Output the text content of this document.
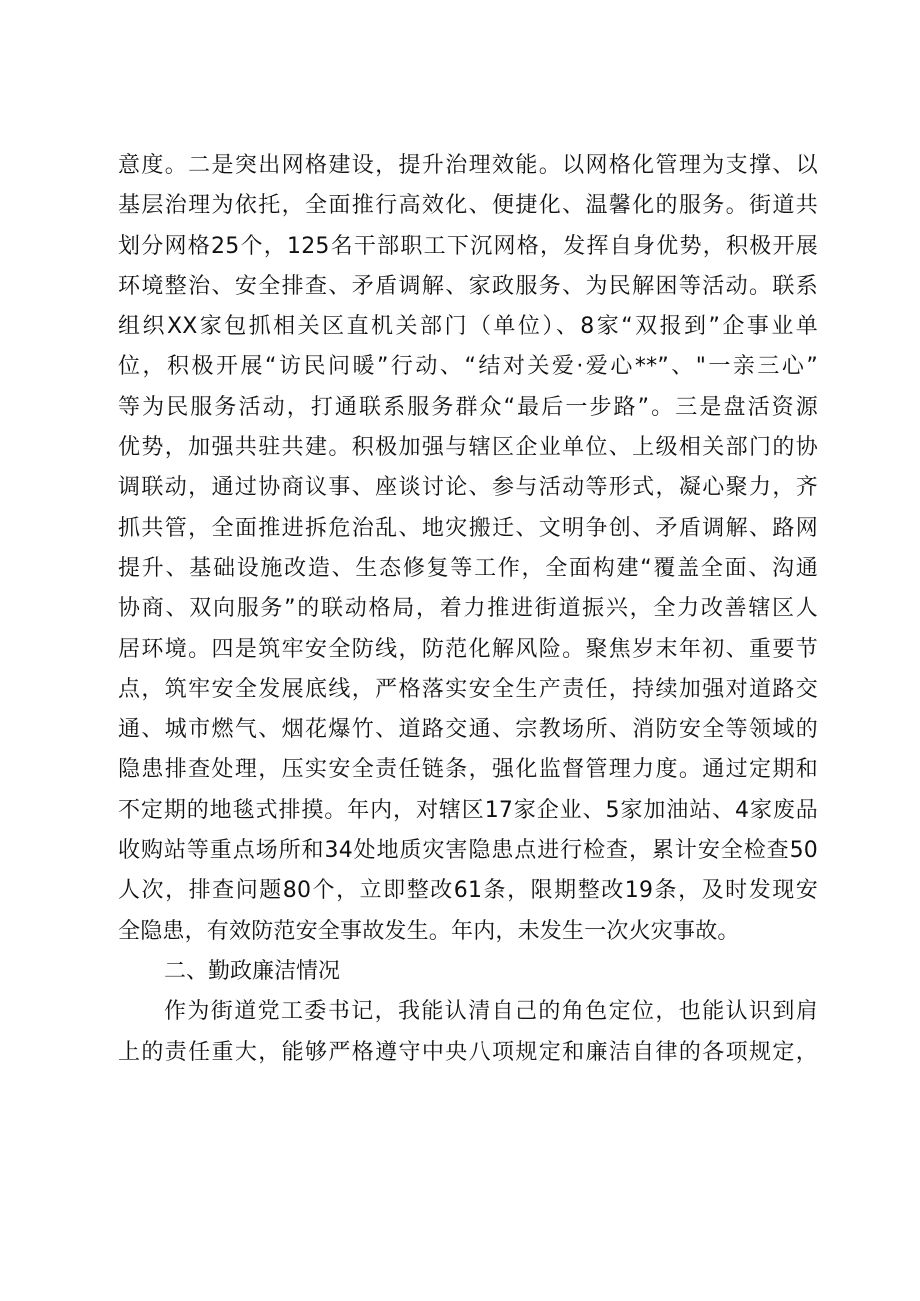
意度。二是突出网格建设，提升治理效能。以网格化管理为支撑、以
基层治理为依托，全面推行高效化、便捷化、温馨化的服务。街道共
划分网格25个，125名干部职工下沉网格，发挥自身优势，积极开展
环境整治、安全排查、矛盾调解、家政服务、为民解困等活动。联系
组织XX家包抓相关区直机关部门（单位）、8家“双报到”企事业单
位，积极开展“访民问暖”行动、“结对关爱·爱心**”、"一亲三心”
等为民服务活动，打通联系服务群众“最后一步路”。三是盘活资源
优势，加强共驻共建。积极加强与辖区企业单位、上级相关部门的协
调联动，通过协商议事、座谈讨论、参与活动等形式，凝心聚力，齐
抓共管，全面推进拆危治乱、地灾搬迁、文明争创、矛盾调解、路网
提升、基础设施改造、生态修复等工作，全面构建“覆盖全面、沟通
协商、双向服务”的联动格局，着力推进街道振兴，全力改善辖区人
居环境。四是筑牢安全防线，防范化解风险。聚焦岁末年初、重要节
点，筑牢安全发展底线，严格落实安全生产责任，持续加强对道路交
通、城市燃气、烟花爆竹、道路交通、宗教场所、消防安全等领域的
隐患排查处理，压实安全责任链条，强化监督管理力度。通过定期和
不定期的地毯式排摸。年内，对辖区17家企业、5家加油站、4家废品
收购站等重点场所和34处地质灾害隐患点进行检查，累计安全检查50
人次，排查问题80个，立即整改61条，限期整改19条，及时发现安
全隐患，有效防范安全事故发生。年内，未发生一次火灾事故。
二、勤政廉洁情况
作为街道党工委书记，我能认清自己的角色定位，也能认识到肩
上的责任重大，能够严格遵守中央八项规定和廉洁自律的各项规定，
